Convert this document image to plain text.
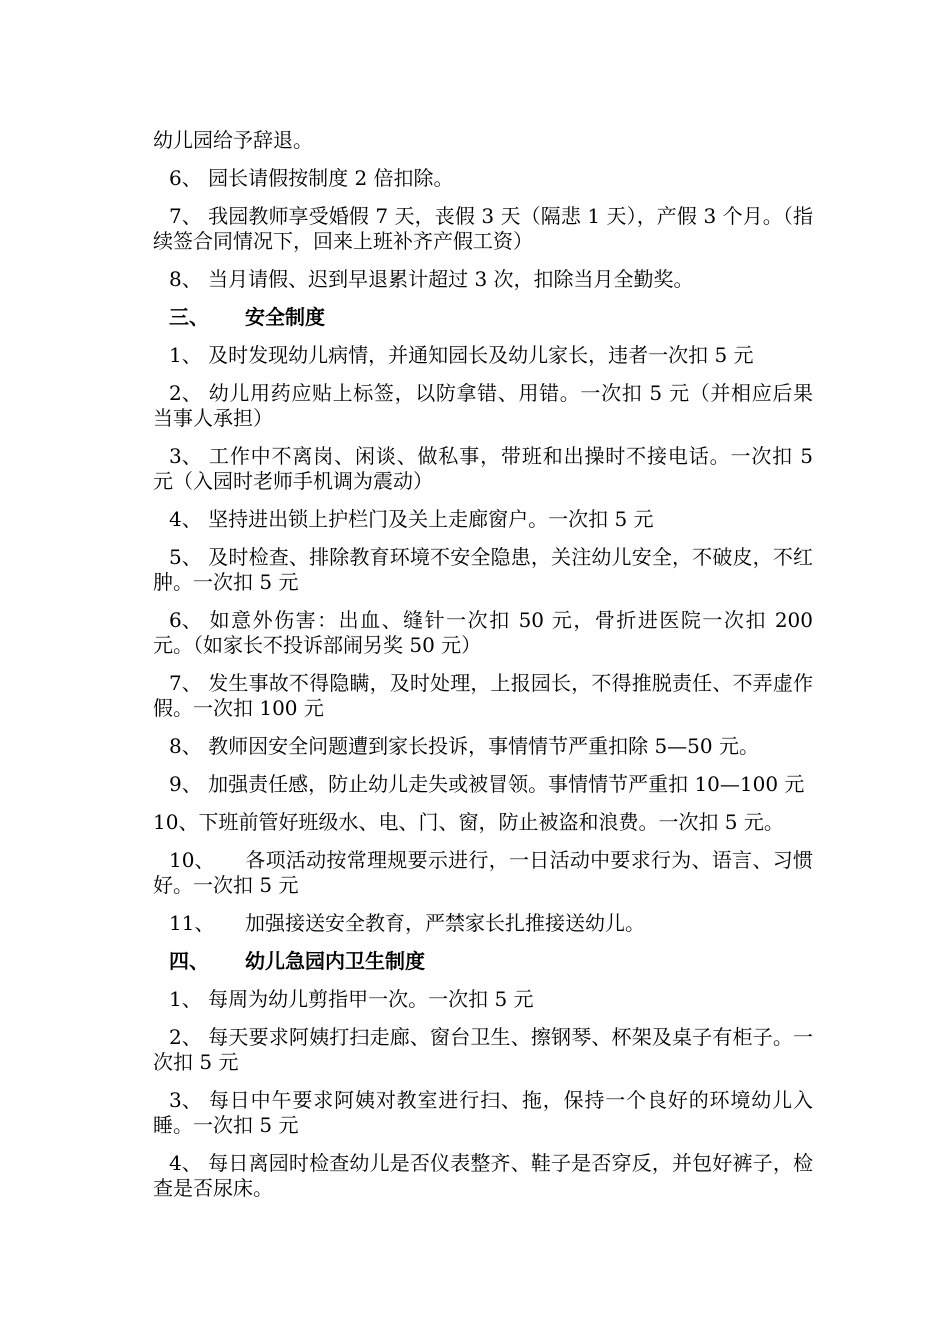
幼儿园给予辞退。

6、 园长请假按制度 2 倍扣除。

7、 我园教师享受婚假 7 天，丧假 3 天（隔悲 1 天），产假 3 个月。（指续签合同情况下，回来上班补齐产假工资）

8、 当月请假、迟到早退累计超过 3 次，扣除当月全勤奖。

三、 安全制度

1、 及时发现幼儿病情，并通知园长及幼儿家长，违者一次扣 5 元

2、 幼儿用药应贴上标签，以防拿错、用错。一次扣 5 元（并相应后果当事人承担）

3、 工作中不离岗、闲谈、做私事，带班和出操时不接电话。一次扣 5 元（入园时老师手机调为震动）

4、 坚持进出锁上护栏门及关上走廊窗户。一次扣 5 元

5、 及时检查、排除教育环境不安全隐患，关注幼儿安全，不破皮，不红肿。一次扣 5 元

6、 如意外伤害：出血、缝针一次扣 50 元，骨折进医院一次扣 200 元。（如家长不投诉部闹另奖 50 元）

7、 发生事故不得隐瞒，及时处理，上报园长，不得推脱责任、不弄虚作假。一次扣 100 元

8、 教师因安全问题遭到家长投诉，事情情节严重扣除 5—50 元。

9、 加强责任感，防止幼儿走失或被冒领。事情情节严重扣 10—100 元

10、下班前管好班级水、电、门、窗，防止被盗和浪费。一次扣 5 元。

10、 各项活动按常理规要示进行，一日活动中要求行为、语言、习惯好。一次扣 5 元

11、 加强接送安全教育，严禁家长扎推接送幼儿。

四、 幼儿急园内卫生制度

1、 每周为幼儿剪指甲一次。一次扣 5 元

2、 每天要求阿姨打扫走廊、窗台卫生、擦钢琴、杯架及桌子有柜子。一次扣 5 元

3、 每日中午要求阿姨对教室进行扫、拖，保持一个良好的环境幼儿入睡。一次扣 5 元

4、 每日离园时检查幼儿是否仪表整齐、鞋子是否穿反，并包好裤子，检查是否尿床。
